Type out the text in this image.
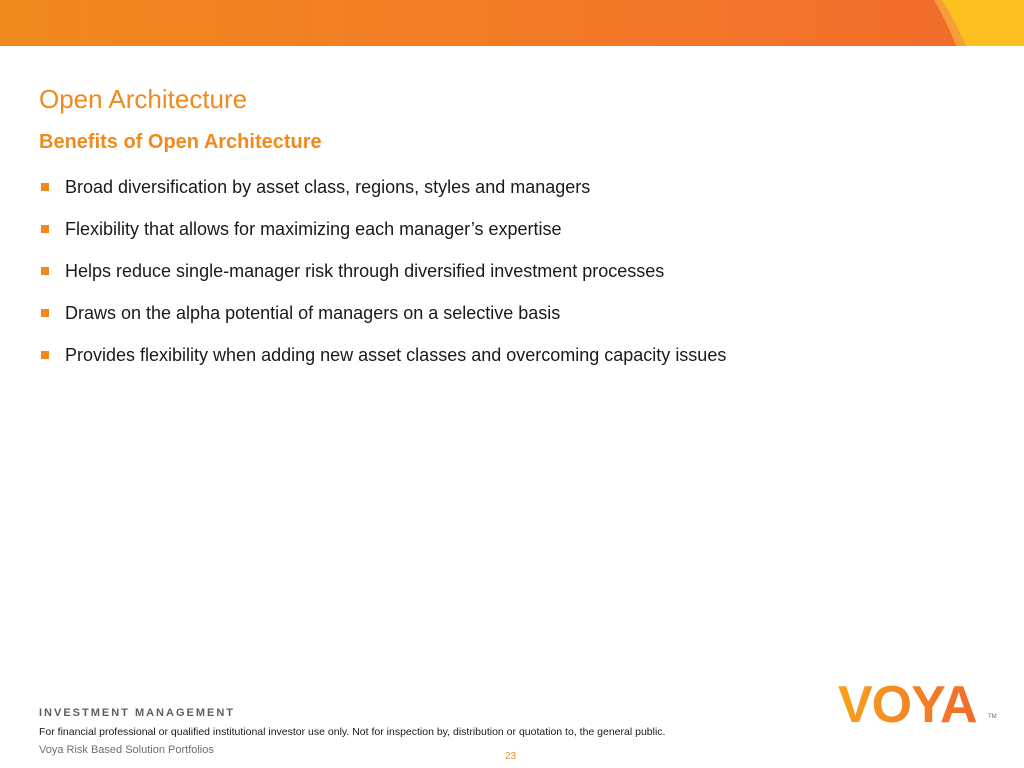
Open Architecture
Benefits of Open Architecture
Broad diversification by asset class, regions, styles and managers
Flexibility that allows for maximizing each manager’s expertise
Helps reduce single-manager risk through diversified investment processes
Draws on the alpha potential of managers on a selective basis
Provides flexibility when adding new asset classes and overcoming capacity issues
INVESTMENT MANAGEMENT
For financial professional or qualified institutional investor use only. Not for inspection by, distribution or quotation to, the general public.
Voya Risk Based Solution Portfolios
23
VOYA TM
